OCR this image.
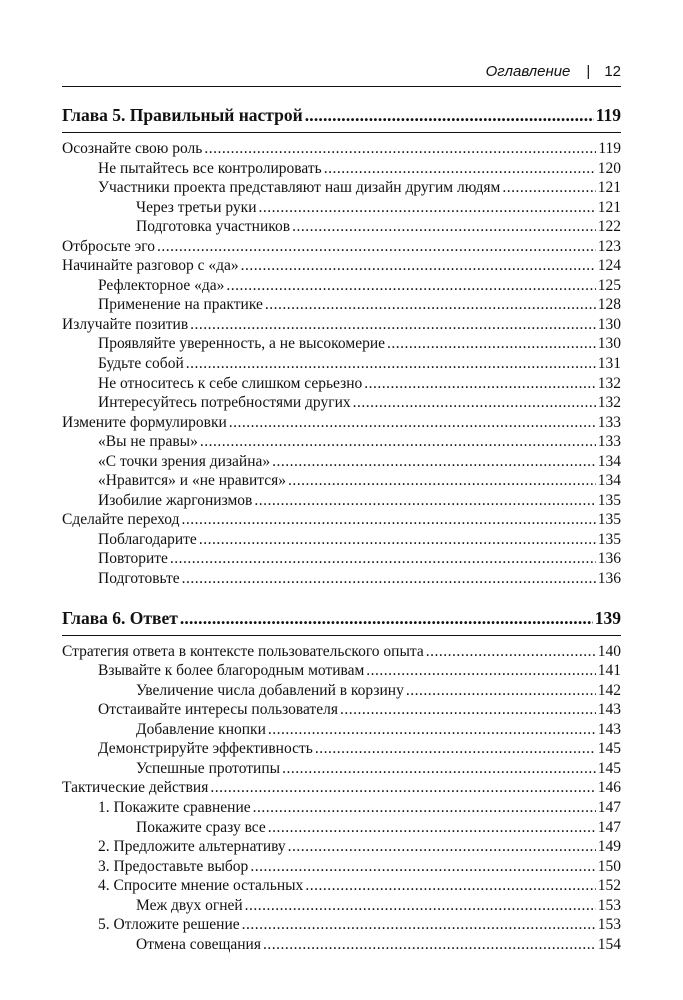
Оглавление | 12
Глава 5. Правильный настрой .....	119
Осознайте свою роль .....	119
Не пытайтесь все контролировать .....	120
Участники проекта представляют наш дизайн другим людям .....	121
Через третьи руки .....	121
Подготовка участников .....	122
Отбросьте эго .....	123
Начинайте разговор с «да» .....	124
Рефлекторное «да» .....	125
Применение на практике .....	128
Излучайте позитив .....	130
Проявляйте уверенность, а не высокомерие .....	130
Будьте собой .....	131
Не относитесь к себе слишком серьезно .....	132
Интересуйтесь потребностями других .....	132
Измените формулировки .....	133
«Вы не правы» .....	133
«С точки зрения дизайна» .....	134
«Нравится» и «не нравится» .....	134
Изобилие жаргонизмов .....	135
Сделайте переход .....	135
Поблагодарите .....	135
Повторите .....	136
Подготовьте .....	136
Глава 6. Ответ .....	139
Стратегия ответа в контексте пользовательского опыта .....	140
Взывайте к более благородным мотивам .....	141
Увеличение числа добавлений в корзину .....	142
Отстаивайте интересы пользователя .....	143
Добавление кнопки .....	143
Демонстрируйте эффективность .....	145
Успешные прототипы .....	145
Тактические действия .....	146
1. Покажите сравнение .....	147
Покажите сразу все .....	147
2. Предложите альтернативу .....	149
3. Предоставьте выбор .....	150
4. Спросите мнение остальных .....	152
Меж двух огней .....	153
5. Отложите решение .....	153
Отмена совещания .....	154
